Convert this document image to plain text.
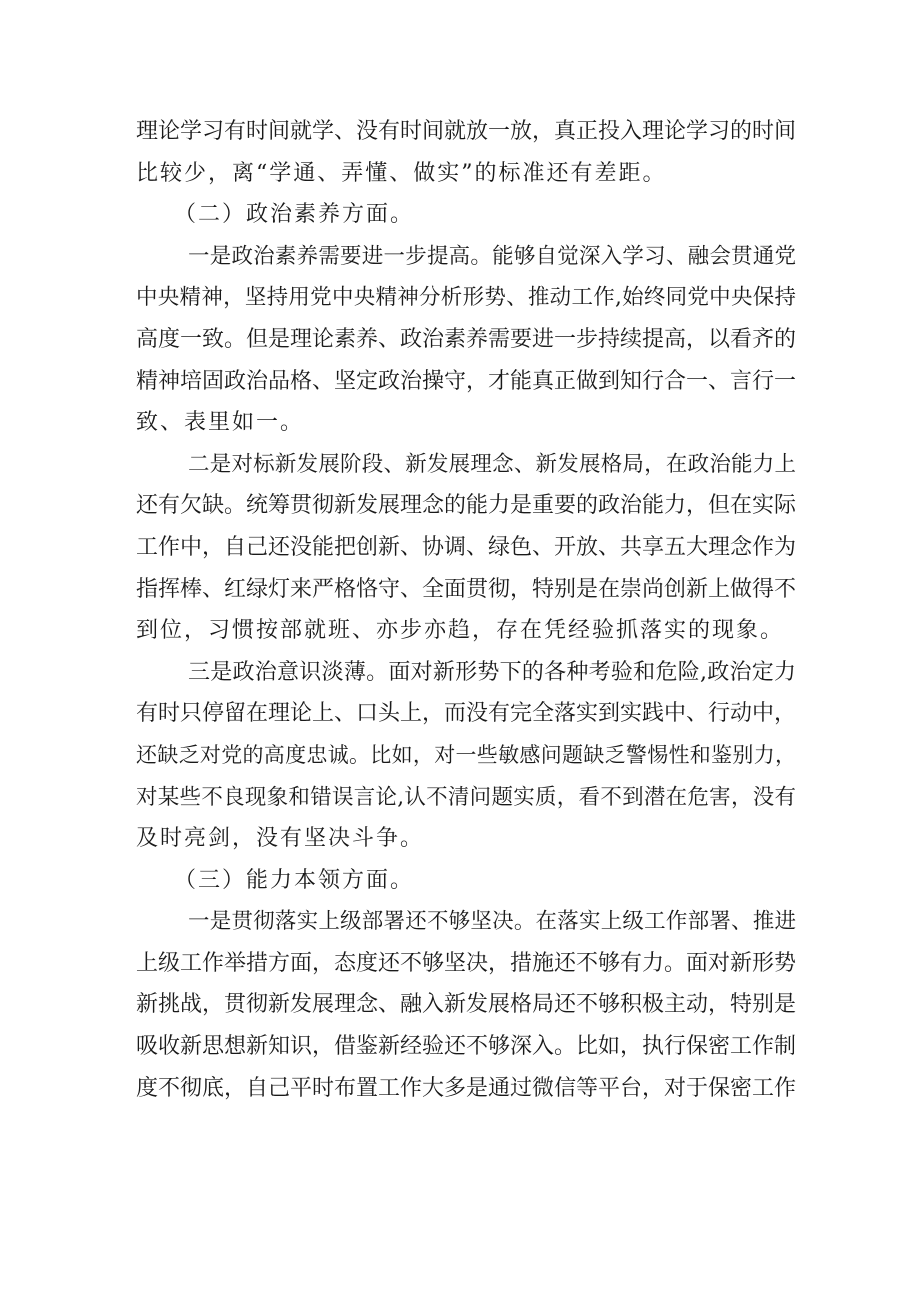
理论学习有时间就学、没有时间就放一放，真正投入理论学习的时间
比较少，离“学通、弄懂、做实”的标准还有差距。
（二）政治素养方面。
一是政治素养需要进一步提高。能够自觉深入学习、融会贯通党
中央精神，坚持用党中央精神分析形势、推动工作,始终同党中央保持
高度一致。但是理论素养、政治素养需要进一步持续提高，以看齐的
精神培固政治品格、坚定政治操守，才能真正做到知行合一、言行一
致、表里如一。
二是对标新发展阶段、新发展理念、新发展格局，在政治能力上
还有欠缺。统筹贯彻新发展理念的能力是重要的政治能力，但在实际
工作中，自己还没能把创新、协调、绿色、开放、共享五大理念作为
指挥棒、红绿灯来严格恪守、全面贯彻，特别是在崇尚创新上做得不
到位，习惯按部就班、亦步亦趋，存在凭经验抓落实的现象。
三是政治意识淡薄。面对新形势下的各种考验和危险,政治定力
有时只停留在理论上、口头上，而没有完全落实到实践中、行动中，
还缺乏对党的高度忠诚。比如，对一些敏感问题缺乏警惕性和鉴别力，
对某些不良现象和错误言论,认不清问题实质，看不到潜在危害，没有
及时亮剑，没有坚决斗争。
（三）能力本领方面。
一是贯彻落实上级部署还不够坚决。在落实上级工作部署、推进
上级工作举措方面，态度还不够坚决，措施还不够有力。面对新形势
新挑战，贯彻新发展理念、融入新发展格局还不够积极主动，特别是
吸收新思想新知识，借鉴新经验还不够深入。比如，执行保密工作制
度不彻底，自己平时布置工作大多是通过微信等平台，对于保密工作
